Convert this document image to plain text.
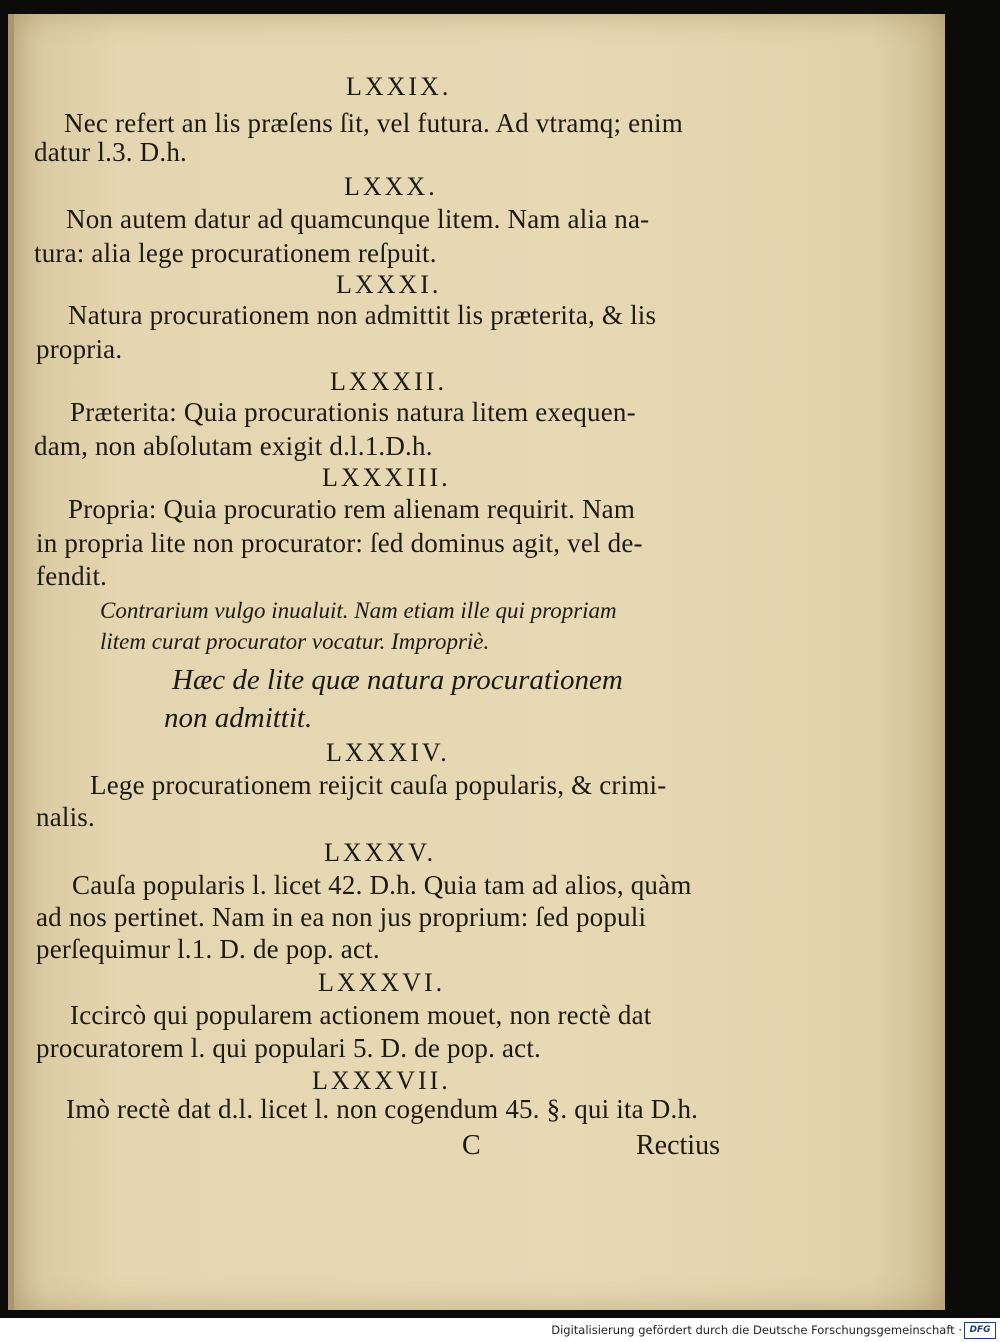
LXXIX.
Nec refert an lis præſens ſit, vel futura. Ad vtramq; enim
datur l.3. D.h.
LXXX.
Non autem datur ad quamcunque litem. Nam alia na-
tura: alia lege procurationem reſpuit.
LXXXI.
Natura procurationem non admittit lis præterita, & lis
propria.
LXXXII.
Præterita: Quia procurationis natura litem exequen-
dam, non abſolutam exigit d.l.1.D.h.
LXXXIII.
Propria: Quia procuratio rem alienam requirit. Nam
in propria lite non procurator: ſed dominus agit, vel de-
fendit.
Contrarium vulgo inualuit. Nam etiam ille qui propriam
litem curat procurator vocatur. Impropriè.
Hæc de lite quæ natura procurationem
non admittit.
LXXXIV.
Lege procurationem reijcit cauſa popularis, & crimi-
nalis.
LXXXV.
Cauſa popularis l. licet 42. D.h. Quia tam ad alios, quàm
ad nos pertinet. Nam in ea non jus proprium: ſed populi
perſequimur l.1. D. de pop. act.
LXXXVI.
Iccircò qui popularem actionem mouet, non rectè dat
procuratorem l. qui populari 5. D. de pop. act.
LXXXVII.
Imò rectè dat d.l. licet l. non cogendum 45. §. qui ita D.h.
C	Rectius
Digitalisierung gefördert durch die Deutsche Forschungsgemeinschaft · DFG
